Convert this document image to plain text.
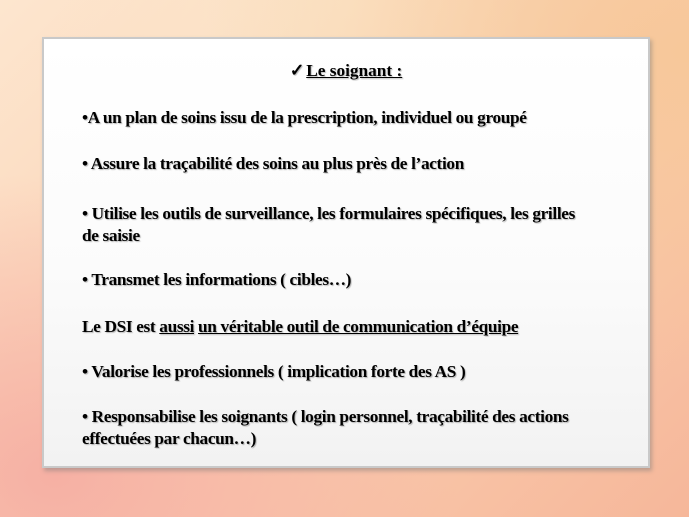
✓ Le soignant :
•A un plan de soins issu de la prescription, individuel ou groupé
• Assure la traçabilité des soins au plus près de l’action
• Utilise les outils de surveillance, les formulaires spécifiques, les grilles
de saisie
• Transmet les informations ( cibles…)
Le DSI est aussi un véritable outil de communication d’équipe
• Valorise les professionnels ( implication forte des AS )
• Responsabilise les soignants ( login personnel, traçabilité des actions
effectuées par chacun…)
